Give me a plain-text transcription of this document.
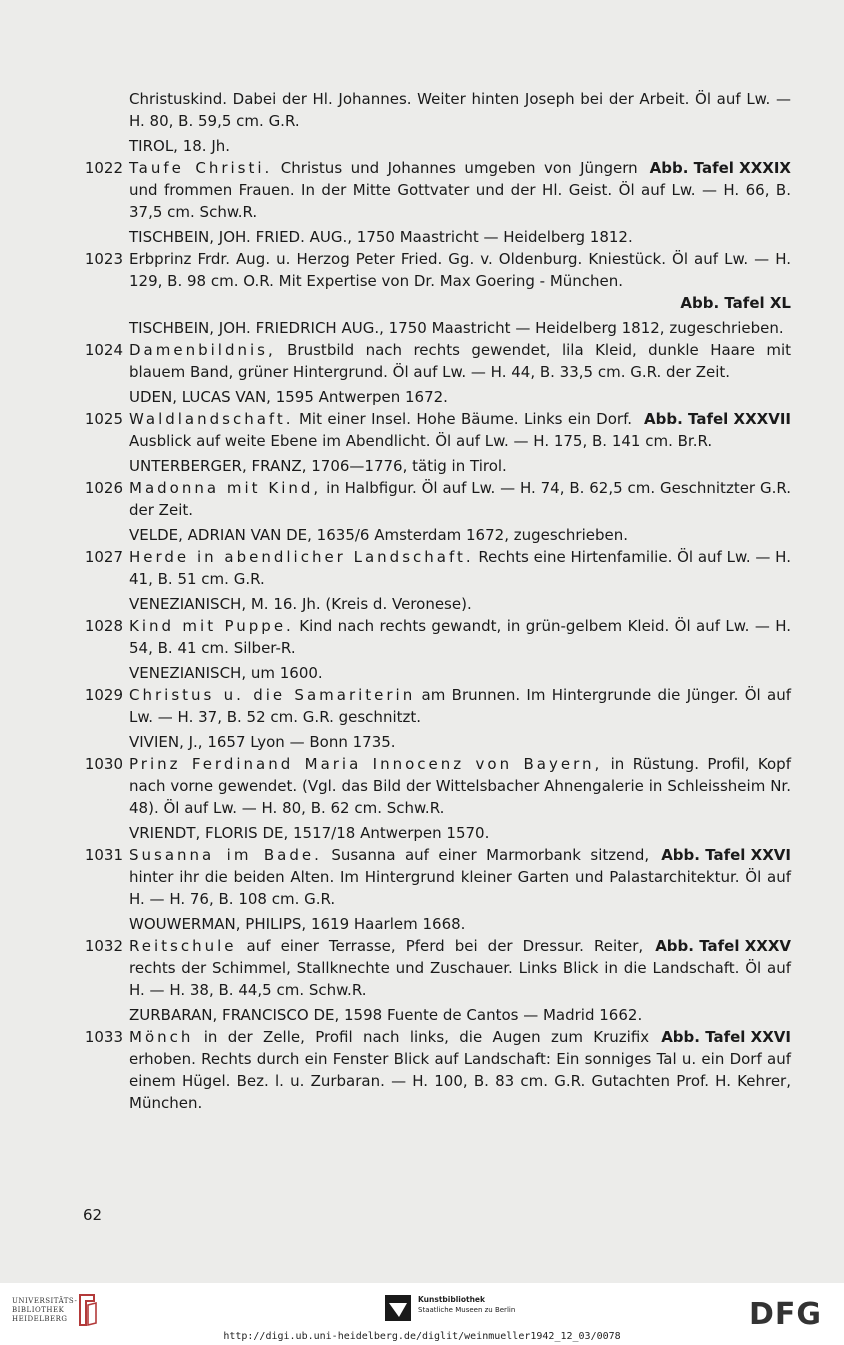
Christuskind. Dabei der Hl. Johannes. Weiter hinten Joseph bei der Arbeit. Öl auf Lw. — H. 80, B. 59,5 cm. G.R.
TIROL, 18. Jh.
1022	Abb. Tafel XXXIX
Taufe Christi. Christus und Johannes umgeben von Jüngern und frommen Frauen. In der Mitte Gottvater und der Hl. Geist. Öl auf Lw. — H. 66, B. 37,5 cm. Schw.R.
TISCHBEIN, JOH. FRIED. AUG., 1750 Maastricht — Heidelberg 1812.
1023 Erbprinz Frdr. Aug. u. Herzog Peter Fried. Gg. v. Oldenburg. Kniestück. Öl auf Lw. — H. 129, B. 98 cm. O.R. Mit Expertise von Dr. Max Goering - München.
Abb. Tafel XL
TISCHBEIN, JOH. FRIEDRICH AUG., 1750 Maastricht — Heidelberg 1812, zugeschrieben.
1024 Damenbildnis, Brustbild nach rechts gewendet, lila Kleid, dunkle Haare mit blauem Band, grüner Hintergrund. Öl auf Lw. — H. 44, B. 33,5 cm. G.R. der Zeit.
UDEN, LUCAS VAN, 1595 Antwerpen 1672.
1025	Abb. Tafel XXXVII
Waldlandschaft. Mit einer Insel. Hohe Bäume. Links ein Dorf. Ausblick auf weite Ebene im Abendlicht. Öl auf Lw. — H. 175, B. 141 cm. Br.R.
UNTERBERGER, FRANZ, 1706—1776, tätig in Tirol.
1026 Madonna mit Kind, in Halbfigur. Öl auf Lw. — H. 74, B. 62,5 cm. Geschnitzter G.R. der Zeit.
VELDE, ADRIAN VAN DE, 1635/6 Amsterdam 1672, zugeschrieben.
1027 Herde in abendlicher Landschaft. Rechts eine Hirtenfamilie. Öl auf Lw. — H. 41, B. 51 cm. G.R.
VENEZIANISCH, M. 16. Jh. (Kreis d. Veronese).
1028 Kind mit Puppe. Kind nach rechts gewandt, in grün-gelbem Kleid. Öl auf Lw. — H. 54, B. 41 cm. Silber-R.
VENEZIANISCH, um 1600.
1029 Christus u. die Samariterin am Brunnen. Im Hintergrunde die Jünger. Öl auf Lw. — H. 37, B. 52 cm. G.R. geschnitzt.
VIVIEN, J., 1657 Lyon — Bonn 1735.
1030 Prinz Ferdinand Maria Innocenz von Bayern, in Rüstung. Profil, Kopf nach vorne gewendet. (Vgl. das Bild der Wittelsbacher Ahnengalerie in Schleissheim Nr. 48). Öl auf Lw. — H. 80, B. 62 cm. Schw.R.
VRIENDT, FLORIS DE, 1517/18 Antwerpen 1570.
1031	Abb. Tafel XXVI
Susanna im Bade. Susanna auf einer Marmorbank sitzend, hinter ihr die beiden Alten. Im Hintergrund kleiner Garten und Palastarchitektur. Öl auf H. — H. 76, B. 108 cm. G.R.
WOUWERMAN, PHILIPS, 1619 Haarlem 1668.
1032	Abb. Tafel XXXV
Reitschule auf einer Terrasse, Pferd bei der Dressur. Reiter, rechts der Schimmel, Stallknechte und Zuschauer. Links Blick in die Landschaft. Öl auf H. — H. 38, B. 44,5 cm. Schw.R.
ZURBARAN, FRANCISCO DE, 1598 Fuente de Cantos — Madrid 1662.
1033	Abb. Tafel XXVI
Mönch in der Zelle, Profil nach links, die Augen zum Kruzifix erhoben. Rechts durch ein Fenster Blick auf Landschaft: Ein sonniges Tal u. ein Dorf auf einem Hügel. Bez. l. u. Zurbaran. — H. 100, B. 83 cm. G.R. Gutachten Prof. H. Kehrer, München.
62
UNIVERSITÄTS-
BIBLIOTHEK
HEIDELBERG
Kunstbibliothek
Staatliche Museen zu Berlin	DFG
http://digi.ub.uni-heidelberg.de/diglit/weinmueller1942_12_03/0078
